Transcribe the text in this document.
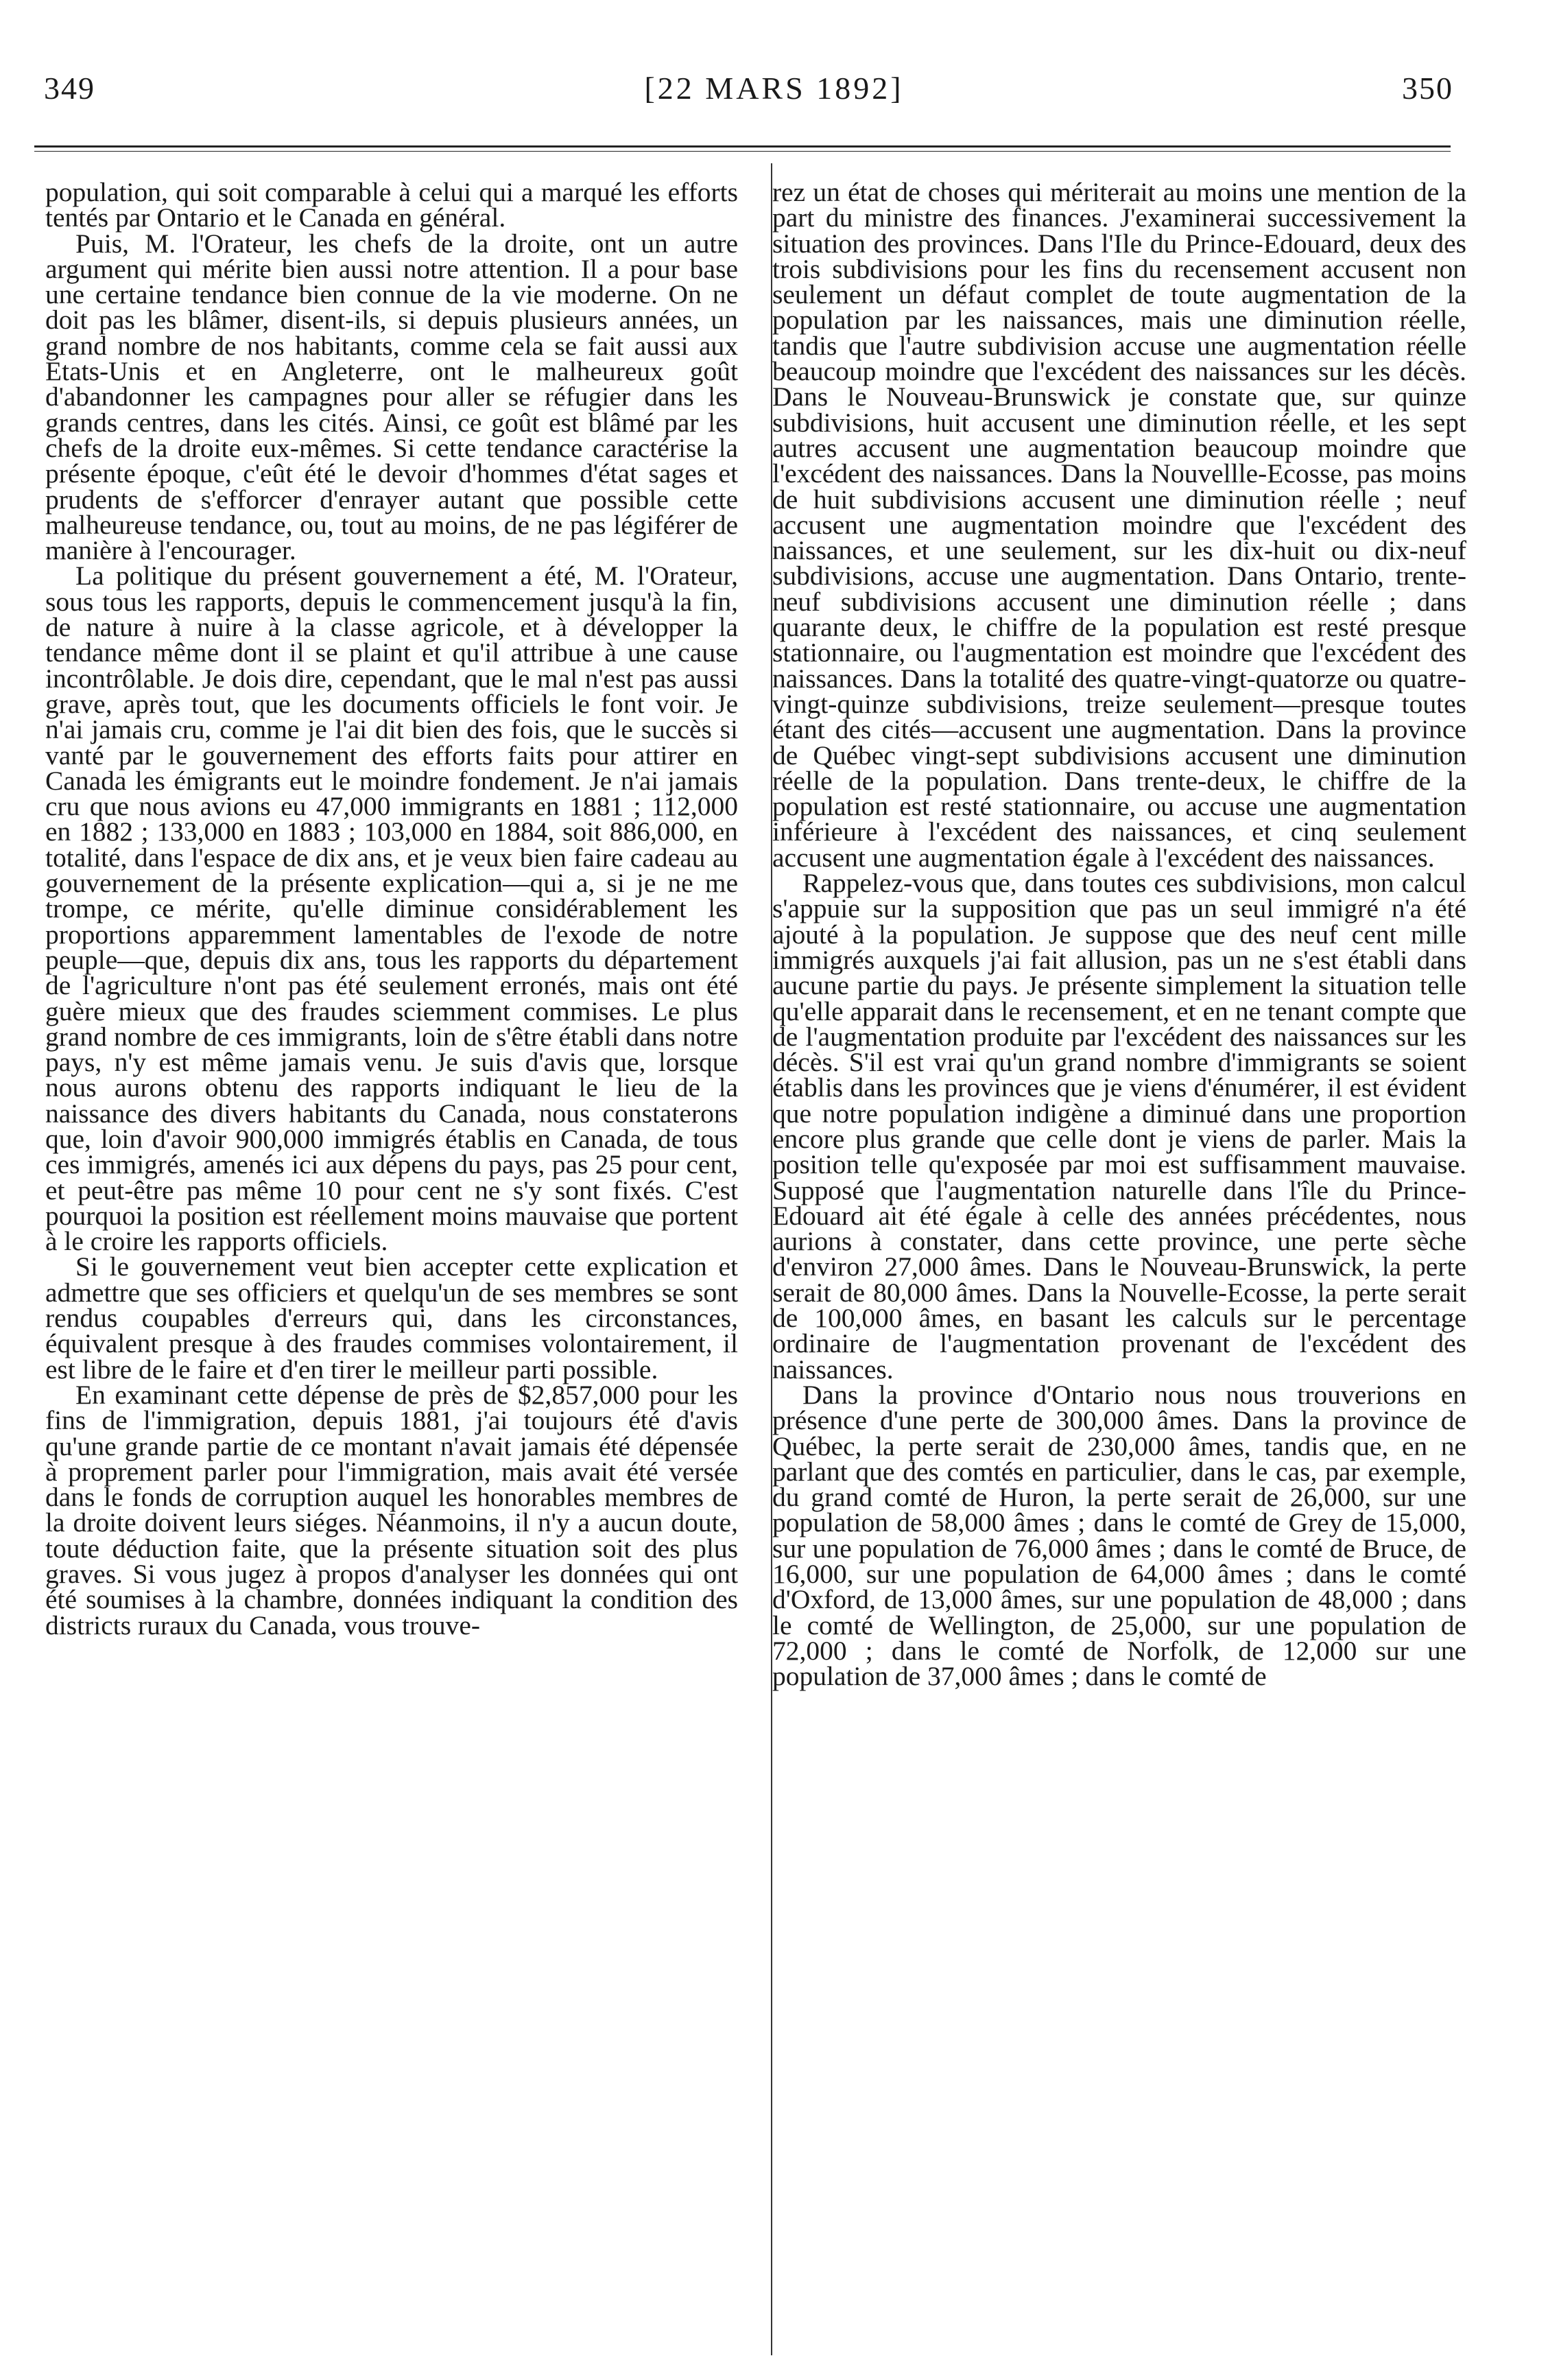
349	[22 MARS 1892]	350

population, qui soit comparable à celui qui a marqué les efforts tentés par Ontario et le Canada en général.

Puis, M. l'Orateur, les chefs de la droite, ont un autre argument qui mérite bien aussi notre attention. Il a pour base une certaine tendance bien connue de la vie moderne. On ne doit pas les blâmer, disent-ils, si depuis plusieurs années, un grand nombre de nos habitants, comme cela se fait aussi aux Etats-Unis et en Angleterre, ont le malheureux goût d'abandonner les campagnes pour aller se réfugier dans les grands centres, dans les cités. Ainsi, ce goût est blâmé par les chefs de la droite eux-mêmes. Si cette tendance caractérise la présente époque, c'eût été le devoir d'hommes d'état sages et prudents de s'efforcer d'enrayer autant que possible cette malheureuse tendance, ou, tout au moins, de ne pas légiférer de manière à l'encourager.

La politique du présent gouvernement a été, M. l'Orateur, sous tous les rapports, depuis le commencement jusqu'à la fin, de nature à nuire à la classe agricole, et à développer la tendance même dont il se plaint et qu'il attribue à une cause incontrôlable. Je dois dire, cependant, que le mal n'est pas aussi grave, après tout, que les documents officiels le font voir. Je n'ai jamais cru, comme je l'ai dit bien des fois, que le succès si vanté par le gouvernement des efforts faits pour attirer en Canada les émigrants eut le moindre fondement. Je n'ai jamais cru que nous avions eu 47,000 immigrants en 1881 ; 112,000 en 1882 ; 133,000 en 1883 ; 103,000 en 1884, soit 886,000, en totalité, dans l'espace de dix ans, et je veux bien faire cadeau au gouvernement de la présente explication—qui a, si je ne me trompe, ce mérite, qu'elle diminue considérablement les proportions apparemment lamentables de l'exode de notre peuple—que, depuis dix ans, tous les rapports du département de l'agriculture n'ont pas été seulement erronés, mais ont été guère mieux que des fraudes sciemment commises. Le plus grand nombre de ces immigrants, loin de s'être établi dans notre pays, n'y est même jamais venu. Je suis d'avis que, lorsque nous aurons obtenu des rapports indiquant le lieu de la naissance des divers habitants du Canada, nous constaterons que, loin d'avoir 900,000 immigrés établis en Canada, de tous ces immigrés, amenés ici aux dépens du pays, pas 25 pour cent, et peut-être pas même 10 pour cent ne s'y sont fixés. C'est pourquoi la position est réellement moins mauvaise que portent à le croire les rapports officiels.

Si le gouvernement veut bien accepter cette explication et admettre que ses officiers et quelqu'un de ses membres se sont rendus coupables d'erreurs qui, dans les circonstances, équivalent presque à des fraudes commises volontairement, il est libre de le faire et d'en tirer le meilleur parti possible.

En examinant cette dépense de près de $2,857,000 pour les fins de l'immigration, depuis 1881, j'ai toujours été d'avis qu'une grande partie de ce montant n'avait jamais été dépensée à proprement parler pour l'immigration, mais avait été versée dans le fonds de corruption auquel les honorables membres de la droite doivent leurs siéges. Néanmoins, il n'y a aucun doute, toute déduction faite, que la présente situation soit des plus graves. Si vous jugez à propos d'analyser les données qui ont été soumises à la chambre, données indiquant la condition des districts ruraux du Canada, vous trouve-

rez un état de choses qui mériterait au moins une mention de la part du ministre des finances. J'examinerai successivement la situation des provinces. Dans l'Ile du Prince-Edouard, deux des trois subdivisions pour les fins du recensement accusent non seulement un défaut complet de toute augmentation de la population par les naissances, mais une diminution réelle, tandis que l'autre subdivision accuse une augmentation réelle beaucoup moindre que l'excédent des naissances sur les décès. Dans le Nouveau-Brunswick je constate que, sur quinze subdivisions, huit accusent une diminution réelle, et les sept autres accusent une augmentation beaucoup moindre que l'excédent des naissances. Dans la Nouvellle-Ecosse, pas moins de huit subdivisions accusent une diminution réelle ; neuf accusent une augmentation moindre que l'excédent des naissances, et une seulement, sur les dix-huit ou dix-neuf subdivisions, accuse une augmentation. Dans Ontario, trente-neuf subdivisions accusent une diminution réelle ; dans quarante deux, le chiffre de la population est resté presque stationnaire, ou l'augmentation est moindre que l'excédent des naissances. Dans la totalité des quatre-vingt-quatorze ou quatre-vingt-quinze subdivisions, treize seulement—presque toutes étant des cités—accusent une augmentation. Dans la province de Québec vingt-sept subdivisions accusent une diminution réelle de la population. Dans trente-deux, le chiffre de la population est resté stationnaire, ou accuse une augmentation inférieure à l'excédent des naissances, et cinq seulement accusent une augmentation égale à l'excédent des naissances.

Rappelez-vous que, dans toutes ces subdivisions, mon calcul s'appuie sur la supposition que pas un seul immigré n'a été ajouté à la population. Je suppose que des neuf cent mille immigrés auxquels j'ai fait allusion, pas un ne s'est établi dans aucune partie du pays. Je présente simplement la situation telle qu'elle apparait dans le recensement, et en ne tenant compte que de l'augmentation produite par l'excédent des naissances sur les décès. S'il est vrai qu'un grand nombre d'immigrants se soient établis dans les provinces que je viens d'énumérer, il est évident que notre population indigène a diminué dans une proportion encore plus grande que celle dont je viens de parler. Mais la position telle qu'exposée par moi est suffisamment mauvaise. Supposé que l'augmentation naturelle dans l'île du Prince-Edouard ait été égale à celle des années précédentes, nous aurions à constater, dans cette province, une perte sèche d'environ 27,000 âmes. Dans le Nouveau-Brunswick, la perte serait de 80,000 âmes. Dans la Nouvelle-Ecosse, la perte serait de 100,000 âmes, en basant les calculs sur le percentage ordinaire de l'augmentation provenant de l'excédent des naissances.

Dans la province d'Ontario nous nous trouverions en présence d'une perte de 300,000 âmes. Dans la province de Québec, la perte serait de 230,000 âmes, tandis que, en ne parlant que des comtés en particulier, dans le cas, par exemple, du grand comté de Huron, la perte serait de 26,000, sur une population de 58,000 âmes ; dans le comté de Grey de 15,000, sur une population de 76,000 âmes ; dans le comté de Bruce, de 16,000, sur une population de 64,000 âmes ; dans le comté d'Oxford, de 13,000 âmes, sur une population de 48,000 ; dans le comté de Wellington, de 25,000, sur une population de 72,000 ; dans le comté de Norfolk, de 12,000 sur une population de 37,000 âmes ; dans le comté de
